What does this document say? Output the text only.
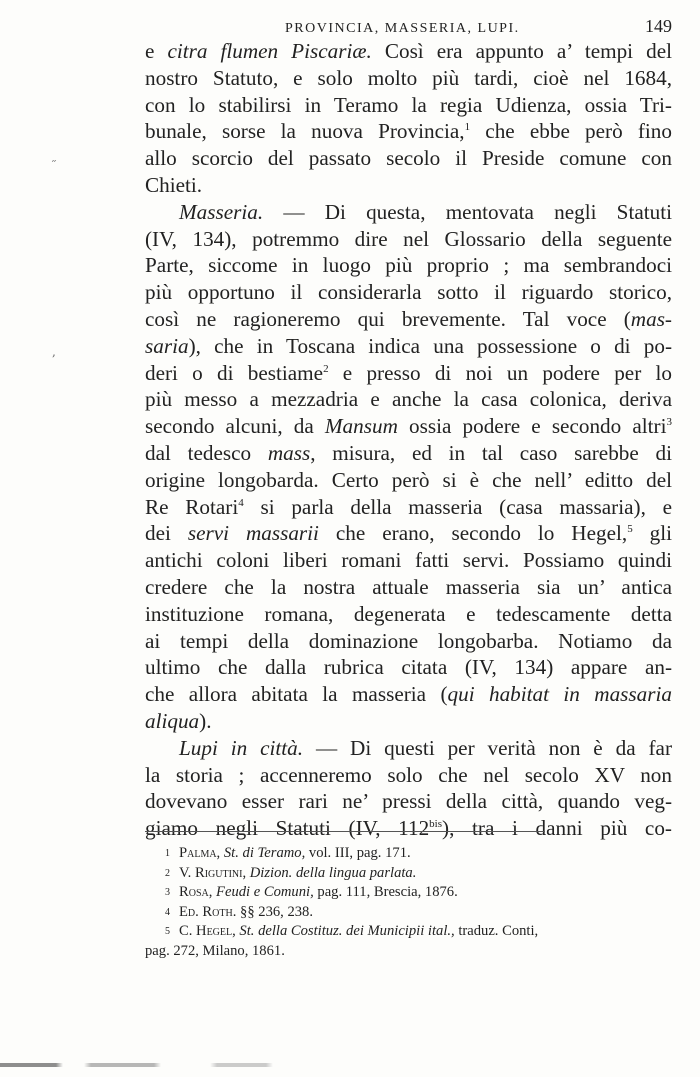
PROVINCIA, MASSERIA, LUPI.	149
˶
,

e citra flumen Piscariæ. Così era appunto a’ tempi del
nostro Statuto, e solo molto più tardi, cioè nel 1684,
con lo stabilirsi in Teramo la regia Udienza, ossia Tri-
bunale, sorse la nuova Provincia,$^1$ che ebbe però fino
allo scorcio del passato secolo il Preside comune con
Chieti.

Masseria. — Di questa, mentovata negli Statuti
(IV, 134), potremmo dire nel Glossario della seguente
Parte, siccome in luogo più proprio ; ma sembrandoci
più opportuno il considerarla sotto il riguardo storico,
così ne ragioneremo qui brevemente. Tal voce (mas-
saria), che in Toscana indica una possessione o di po-
deri o di bestiame$^2$ e presso di noi un podere per lo
più messo a mezzadria e anche la casa colonica, deriva
secondo alcuni, da Mansum ossia podere e secondo altri$^3$
dal tedesco mass, misura, ed in tal caso sarebbe di
origine longobarda. Certo però si è che nell’ editto del
Re Rotari$^4$ si parla della masseria (casa massaria), e
dei servi massarii che erano, secondo lo Hegel,$^5$ gli
antichi coloni liberi romani fatti servi. Possiamo quindi
credere che la nostra attuale masseria sia un’ antica
instituzione romana, degenerata e tedescamente detta
ai tempi della dominazione longobarba. Notiamo da
ultimo che dalla rubrica citata (IV, 134) appare an-
che allora abitata la masseria (qui habitat in massaria
aliqua).

Lupi in città. — Di questi per verità non è da far
la storia ; accenneremo solo che nel secolo XV non
dovevano esser rari ne’ pressi della città, quando veg-
giamo negli Statuti (IV, $112^{bis}$), tra i danni più co-

1 Palma, St. di Teramo, vol. III, pag. 171.
2 V. Rigutini, Dizion. della lingua parlata.
3 Rosa, Feudi e Comuni, pag. 111, Brescia, 1876.
4 Ed. Roth. §§ 236, 238.
5 C. Hegel, St. della Costituz. dei Municipii ital., traduz. Conti,
pag. 272, Milano, 1861.
